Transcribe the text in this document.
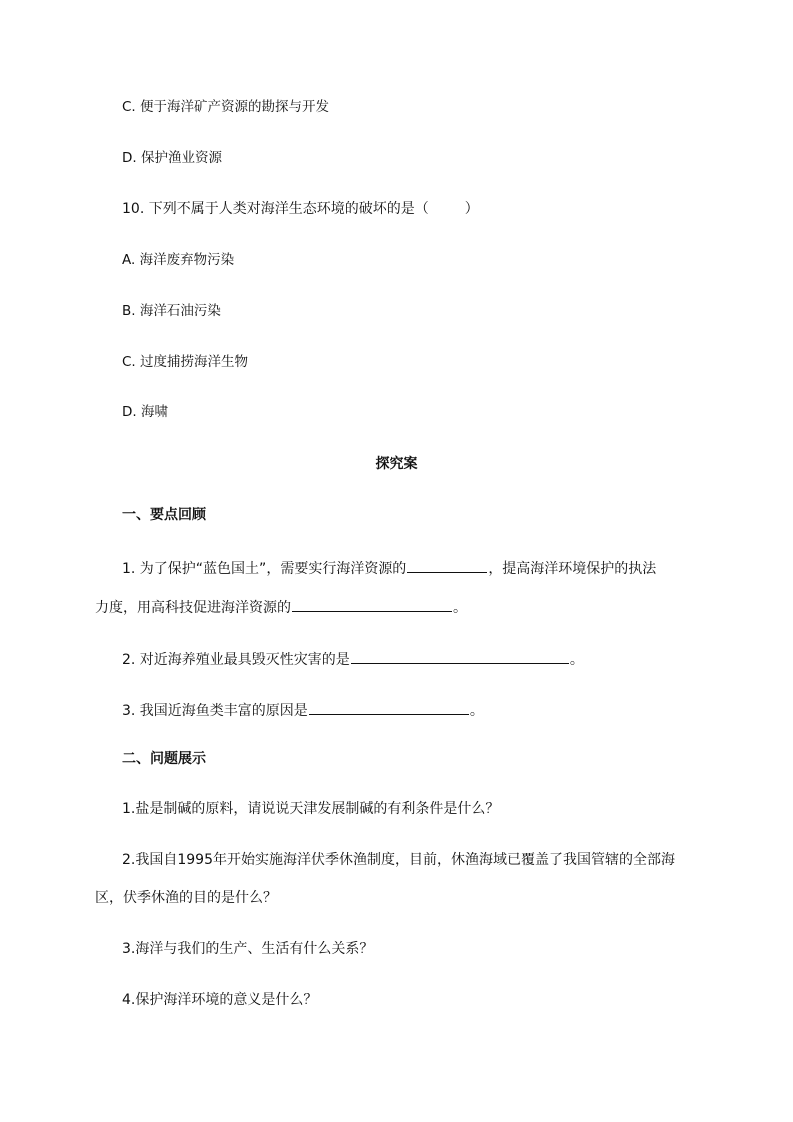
C. 便于海洋矿产资源的勘探与开发
D. 保护渔业资源
10. 下列不属于人类对海洋生态环境的破坏的是（	）
A. 海洋废弃物污染
B. 海洋石油污染
C. 过度捕捞海洋生物
D. 海啸
探究案
一、要点回顾
1. 为了保护“蓝色国土”，需要实行海洋资源的	，提高海洋环境保护的执法
力度，用高科技促进海洋资源的	。
2. 对近海养殖业最具毁灭性灾害的是	。
3. 我国近海鱼类丰富的原因是	。
二、问题展示
1.盐是制碱的原料，请说说天津发展制碱的有利条件是什么？
2.我国自1995年开始实施海洋伏季休渔制度，目前，休渔海域已覆盖了我国管辖的全部海
区，伏季休渔的目的是什么？
3.海洋与我们的生产、生活有什么关系？
4.保护海洋环境的意义是什么？
